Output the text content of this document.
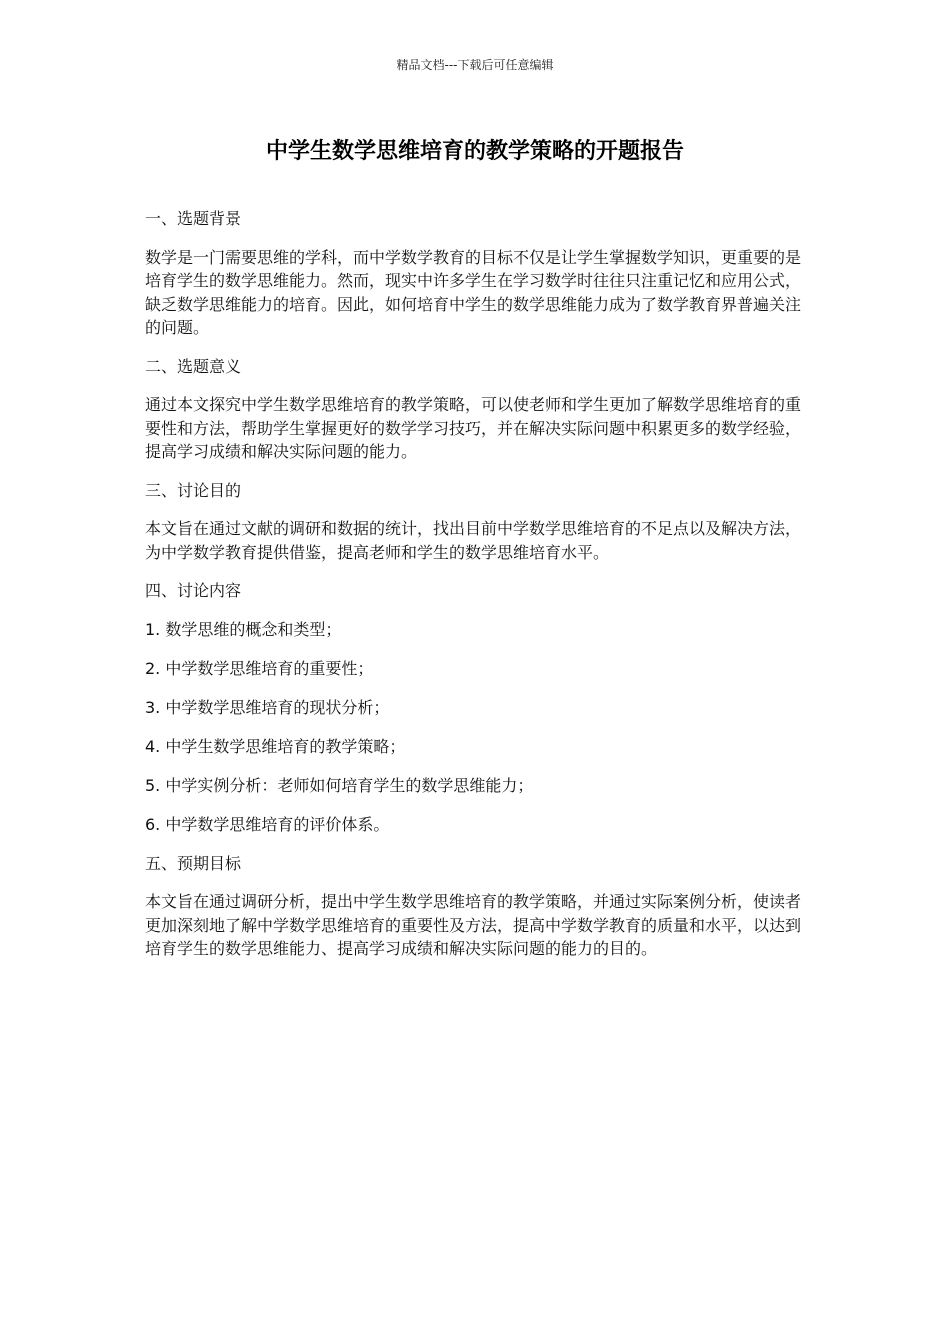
精品文档---下载后可任意编辑
中学生数学思维培育的教学策略的开题报告
一、选题背景

数学是一门需要思维的学科，而中学数学教育的目标不仅是让学生掌握数学知识，更重要的是培育学生的数学思维能力。然而，现实中许多学生在学习数学时往往只注重记忆和应用公式，缺乏数学思维能力的培育。因此，如何培育中学生的数学思维能力成为了数学教育界普遍关注的问题。

二、选题意义

通过本文探究中学生数学思维培育的教学策略，可以使老师和学生更加了解数学思维培育的重要性和方法，帮助学生掌握更好的数学学习技巧，并在解决实际问题中积累更多的数学经验，提高学习成绩和解决实际问题的能力。

三、讨论目的

本文旨在通过文献的调研和数据的统计，找出目前中学数学思维培育的不足点以及解决方法，为中学数学教育提供借鉴，提高老师和学生的数学思维培育水平。

四、讨论内容
1. 数学思维的概念和类型；
2. 中学数学思维培育的重要性；
3. 中学数学思维培育的现状分析；
4. 中学生数学思维培育的教学策略；
5. 中学实例分析：老师如何培育学生的数学思维能力；
6. 中学数学思维培育的评价体系。
五、预期目标

本文旨在通过调研分析，提出中学生数学思维培育的教学策略，并通过实际案例分析，使读者更加深刻地了解中学数学思维培育的重要性及方法，提高中学数学教育的质量和水平，以达到培育学生的数学思维能力、提高学习成绩和解决实际问题的能力的目的。
